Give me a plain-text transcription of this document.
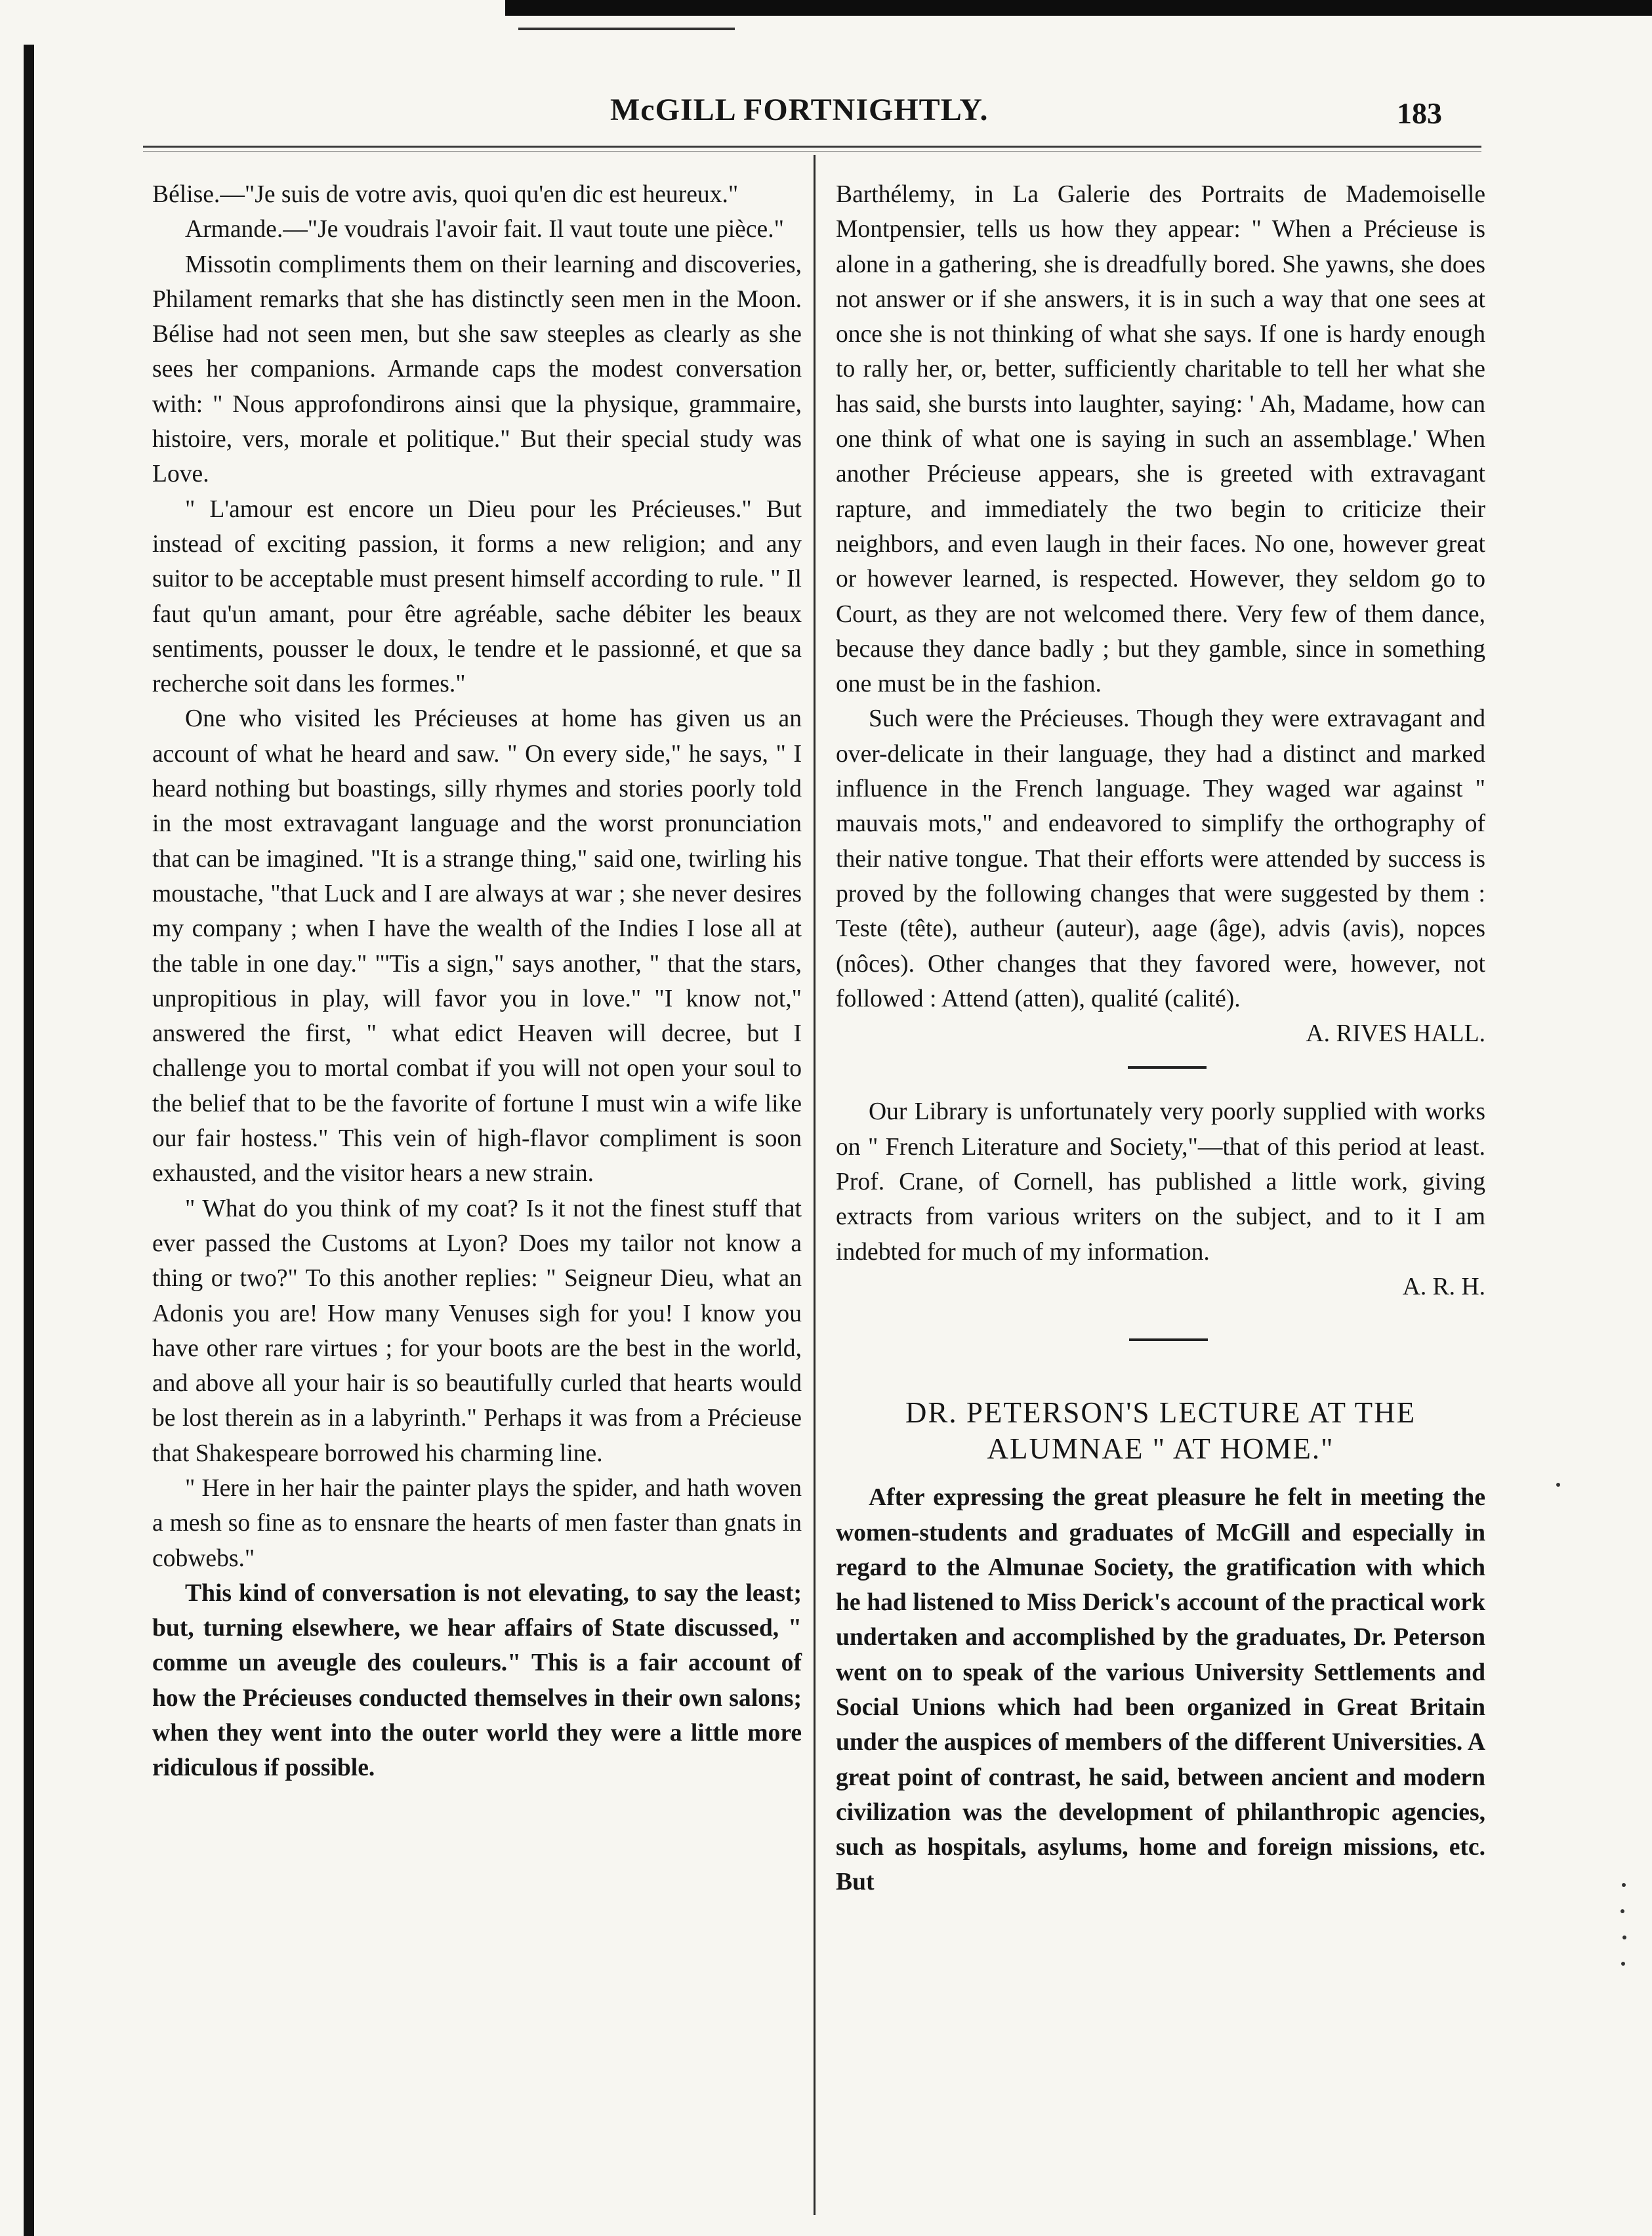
McGILL FORTNIGHTLY.	183

Bélise.—"Je suis de votre avis, quoi qu'en dic est heureux."

Armande.—"Je voudrais l'avoir fait. Il vaut toute une pièce."

Missotin compliments them on their learning and discoveries, Philament remarks that she has distinctly seen men in the Moon. Bélise had not seen men, but she saw steeples as clearly as she sees her companions. Armande caps the modest conversation with: " Nous approfondirons ainsi que la physique, grammaire, histoire, vers, morale et politique." But their special study was Love.

" L'amour est encore un Dieu pour les Précieuses." But instead of exciting passion, it forms a new religion; and any suitor to be acceptable must present himself according to rule. " Il faut qu'un amant, pour être agréable, sache débiter les beaux sentiments, pousser le doux, le tendre et le passionné, et que sa recherche soit dans les formes."

One who visited les Précieuses at home has given us an account of what he heard and saw. " On every side," he says, " I heard nothing but boastings, silly rhymes and stories poorly told in the most extravagant language and the worst pronunciation that can be imagined. "It is a strange thing," said one, twirling his moustache, "that Luck and I are always at war ; she never desires my company ; when I have the wealth of the Indies I lose all at the table in one day." "'Tis a sign," says another, " that the stars, unpropitious in play, will favor you in love." "I know not," answered the first, " what edict Heaven will decree, but I challenge you to mortal combat if you will not open your soul to the belief that to be the favorite of fortune I must win a wife like our fair hostess." This vein of high-flavor compliment is soon exhausted, and the visitor hears a new strain.

" What do you think of my coat? Is it not the finest stuff that ever passed the Customs at Lyon? Does my tailor not know a thing or two?" To this another replies: " Seigneur Dieu, what an Adonis you are! How many Venuses sigh for you! I know you have other rare virtues ; for your boots are the best in the world, and above all your hair is so beautifully curled that hearts would be lost therein as in a labyrinth." Perhaps it was from a Précieuse that Shakespeare borrowed his charming line.

" Here in her hair the painter plays the spider, and hath woven a mesh so fine as to ensnare the hearts of men faster than gnats in cobwebs."

This kind of conversation is not elevating, to say the least; but, turning elsewhere, we hear affairs of State discussed, " comme un aveugle des couleurs." This is a fair account of how the Précieuses conducted themselves in their own salons; when they went into the outer world they were a little more ridiculous if possible.

Barthélemy, in La Galerie des Portraits de Mademoiselle Montpensier, tells us how they appear: " When a Précieuse is alone in a gathering, she is dreadfully bored. She yawns, she does not answer or if she answers, it is in such a way that one sees at once she is not thinking of what she says. If one is hardy enough to rally her, or, better, sufficiently charitable to tell her what she has said, she bursts into laughter, saying: ' Ah, Madame, how can one think of what one is saying in such an assemblage.' When another Précieuse appears, she is greeted with extravagant rapture, and immediately the two begin to criticize their neighbors, and even laugh in their faces. No one, however great or however learned, is respected. However, they seldom go to Court, as they are not welcomed there. Very few of them dance, because they dance badly ; but they gamble, since in something one must be in the fashion.

Such were the Précieuses. Though they were extravagant and over-delicate in their language, they had a distinct and marked influence in the French language. They waged war against " mauvais mots," and endeavored to simplify the orthography of their native tongue. That their efforts were attended by success is proved by the following changes that were suggested by them : Teste (tête), autheur (auteur), aage (âge), advis (avis), nopces (nôces). Other changes that they favored were, however, not followed : Attend (atten), qualité (calité).

A. RIVES HALL.

Our Library is unfortunately very poorly supplied with works on " French Literature and Society,"—that of this period at least. Prof. Crane, of Cornell, has published a little work, giving extracts from various writers on the subject, and to it I am indebted for much of my information.

A. R. H.

DR. PETERSON'S LECTURE AT THE
ALUMNAE " AT HOME."

After expressing the great pleasure he felt in meeting the women-students and graduates of McGill and especially in regard to the Almunae Society, the gratification with which he had listened to Miss Derick's account of the practical work undertaken and accomplished by the graduates, Dr. Peterson went on to speak of the various University Settlements and Social Unions which had been organized in Great Britain under the auspices of members of the different Universities. A great point of contrast, he said, between ancient and modern civilization was the development of philanthropic agencies, such as hospitals, asylums, home and foreign missions, etc. But
